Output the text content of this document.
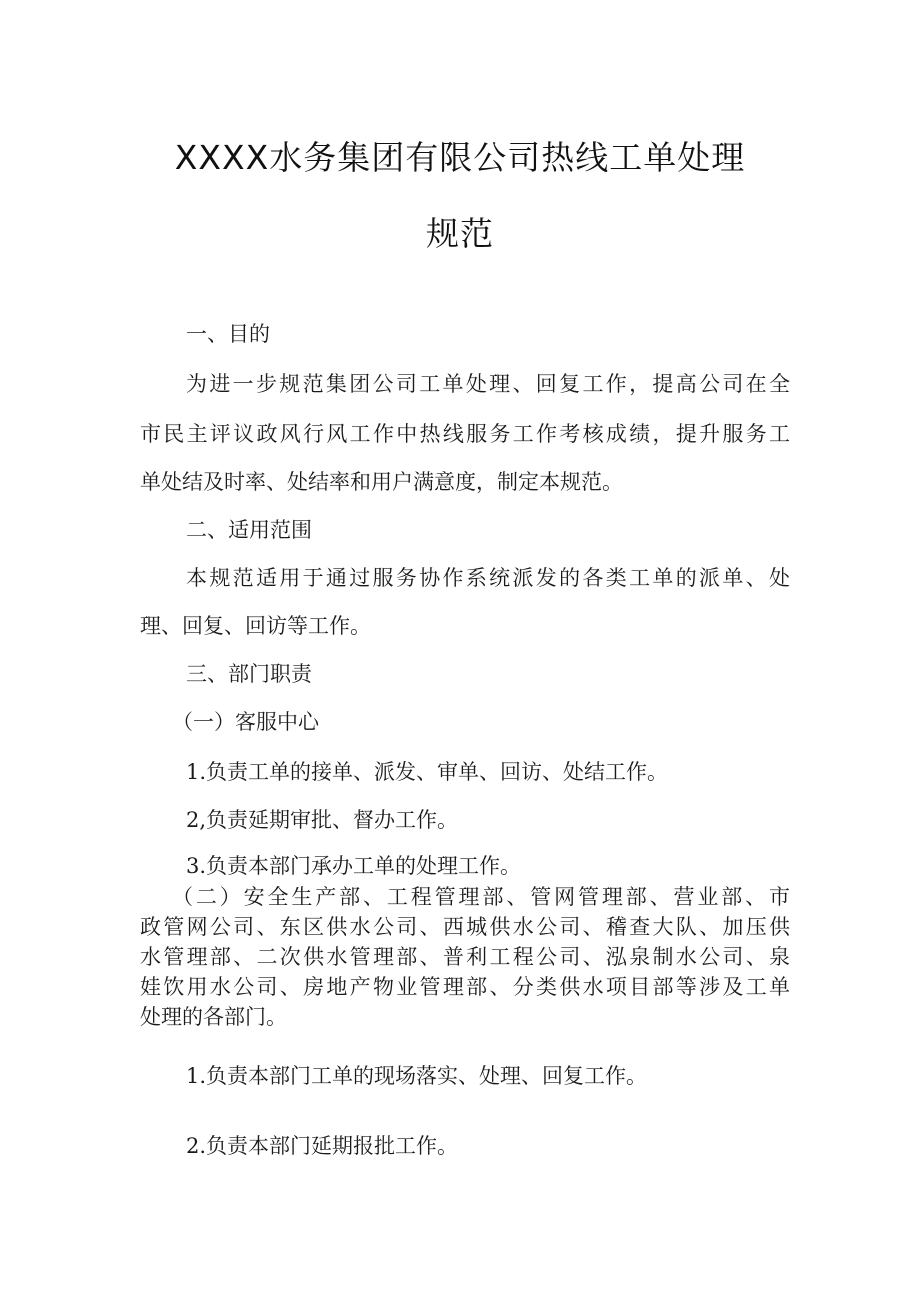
XXXX水务集团有限公司热线工单处理
规范
一、目的
为进一步规范集团公司工单处理、回复工作，提高公司在全
市民主评议政风行风工作中热线服务工作考核成绩，提升服务工
单处结及时率、处结率和用户满意度，制定本规范。
二、适用范围
本规范适用于通过服务协作系统派发的各类工单的派单、处
理、回复、回访等工作。
三、部门职责
（一）客服中心
1.负责工单的接单、派发、审单、回访、处结工作。
2,负责延期审批、督办工作。
3.负责本部门承办工单的处理工作。
（二）安全生产部、工程管理部、管网管理部、营业部、市
政管网公司、东区供水公司、西城供水公司、稽查大队、加压供
水管理部、二次供水管理部、普利工程公司、泓泉制水公司、泉
娃饮用水公司、房地产物业管理部、分类供水项目部等涉及工单
处理的各部门。
1.负责本部门工单的现场落实、处理、回复工作。
2.负责本部门延期报批工作。
